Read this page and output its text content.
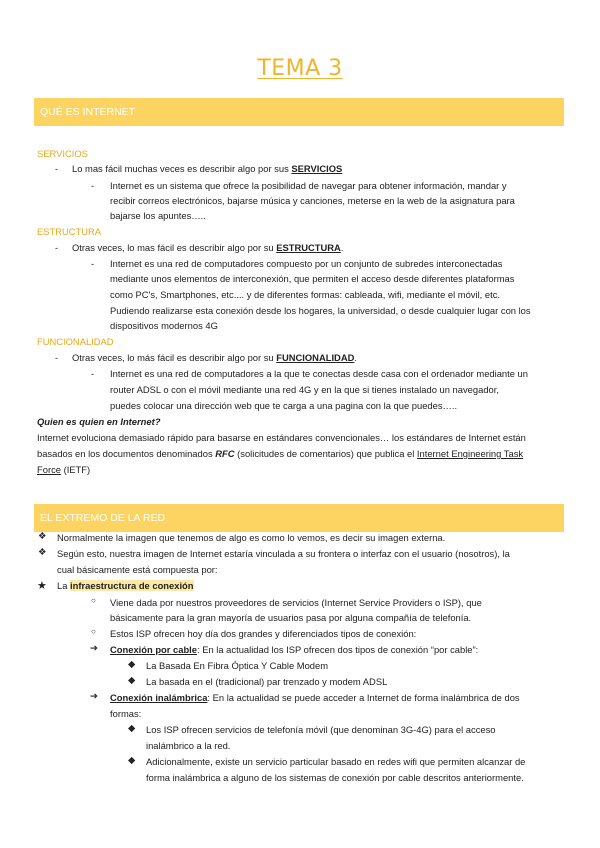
TEMA 3
QUÉ ES INTERNET
SERVICIOS
- Lo mas fácil muchas veces es describir algo por sus SERVICIOS
- Internet es un sistema que ofrece la posibilidad de navegar para obtener información, mandar y
recibir correos electrónicos, bajarse música y canciones, meterse en la web de la asignatura para
bajarse los apuntes…..
ESTRUCTURA
- Otras veces, lo mas fácil es describir algo por su ESTRUCTURA.
- Internet es una red de computadores compuesto por un conjunto de subredes interconectadas
mediante unos elementos de interconexión, que permiten el acceso desde diferentes plataformas
como PC's, Smartphones, etc.... y de diferentes formas: cableada, wifi, mediante el móvil, etc.
Pudiendo realizarse esta conexión desde los hogares, la universidad, o desde cualquier lugar con los
dispositivos modernos 4G
FUNCIONALIDAD
- Otras veces, lo más fácil es describir algo por su FUNCIONALIDAD.
- Internet es una red de computadores a la que te conectas desde casa con el ordenador mediante un
router ADSL o con el móvil mediante una red 4G y en la que si tienes instalado un navegador,
puedes colocar una dirección web que te carga a una pagina con la que puedes…..
Quien es quien en Internet?
Internet evoluciona demasiado rápido para basarse en estándares convencionales… los estándares de Internet están
basados en los documentos denominados RFC (solicitudes de comentarios) que publica el Internet Engineering Task
Force (IETF)
EL EXTREMO DE LA RED
❖ Normalmente la imagen que tenemos de algo es como lo vemos, es decir su imagen externa.
❖ Según esto, nuestra imagen de Internet estaría vinculada a su frontera o interfaz con el usuario (nosotros), la
cual básicamente está compuesta por:
★ La infraestructura de conexión
○ Viene dada por nuestros proveedores de servicios (Internet Service Providers o ISP), que
básicamente para la gran mayoría de usuarios pasa por alguna compañía de telefonía.
○ Estos ISP ofrecen hoy día dos grandes y diferenciados tipos de conexión:
➔ Conexión por cable: En la actualidad los ISP ofrecen dos tipos de conexión “por cable”:
◆ La Basada En Fibra Óptica Y Cable Modem
◆ La basada en el (tradicional) par trenzado y modem ADSL
➔ Conexión inalámbrica: En la actualidad se puede acceder a Internet de forma inalámbrica de dos
formas:
◆ Los ISP ofrecen servicios de telefonía móvil (que denominan 3G-4G) para el acceso
inalámbrico a la red.
◆ Adicionalmente, existe un servicio particular basado en redes wifi que permiten alcanzar de
forma inalámbrica a alguno de los sistemas de conexión por cable descritos anteriormente.
